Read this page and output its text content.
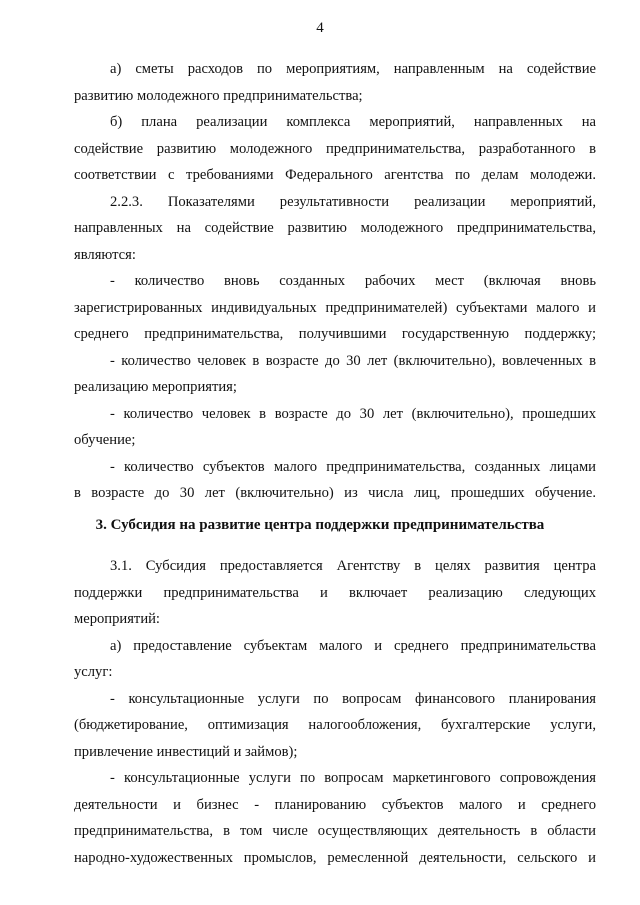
4
а) сметы расходов по мероприятиям, направленным на содействие
развитию молодежного предпринимательства;
б) плана реализации комплекса мероприятий, направленных на
содействие развитию молодежного предпринимательства, разработанного в
соответствии с требованиями Федерального агентства по делам молодежи.
2.2.3. Показателями результативности реализации мероприятий,
направленных на содействие развитию молодежного предпринимательства,
являются:
- количество вновь созданных рабочих мест (включая вновь
зарегистрированных индивидуальных предпринимателей) субъектами малого и
среднего предпринимательства, получившими государственную поддержку;
- количество человек в возрасте до 30 лет (включительно), вовлеченных в
реализацию мероприятия;
- количество человек в возрасте до 30 лет (включительно), прошедших
обучение;
- количество субъектов малого предпринимательства, созданных лицами
в возрасте до 30 лет (включительно) из числа лиц, прошедших обучение.
3. Субсидия на развитие центра поддержки предпринимательства
3.1. Субсидия предоставляется Агентству в целях развития центра
поддержки предпринимательства и включает реализацию следующих
мероприятий:
а) предоставление субъектам малого и среднего предпринимательства
услуг:
- консультационные услуги по вопросам финансового планирования
(бюджетирование, оптимизация налогообложения, бухгалтерские услуги,
привлечение инвестиций и займов);
- консультационные услуги по вопросам маркетингового сопровождения
деятельности и бизнес - планированию субъектов малого и среднего
предпринимательства, в том числе осуществляющих деятельность в области
народно-художественных промыслов, ремесленной деятельности, сельского и
